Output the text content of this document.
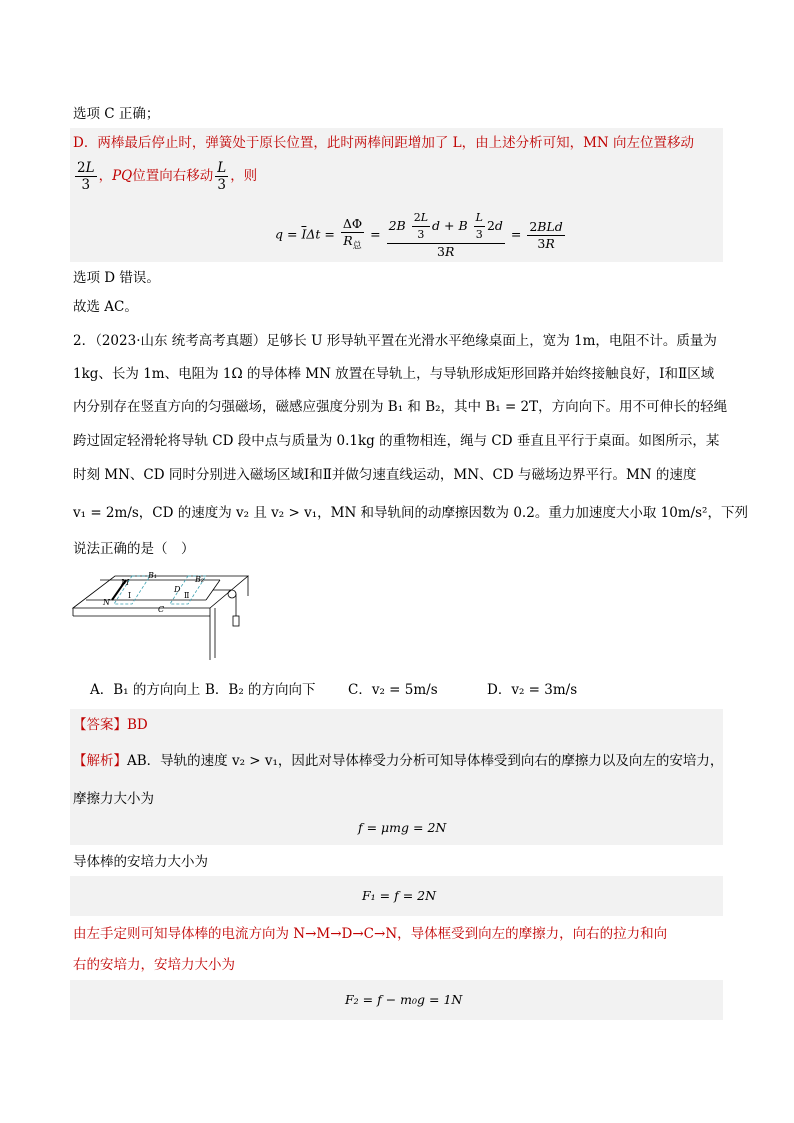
选项 C 正确；
D．两棒最后停止时，弹簧处于原长位置，此时两棒间距增加了 L，由上述分析可知，MN 向左位置移动
$\frac{2L}{3}$ ，PQ位置向右移动 $\frac{L}{3}$ ，则
$q = \overline{I}\Delta t = \frac{\Delta\Phi}{R_总} = \frac{2B \frac{2L}{3} d + B \frac{L}{3} 2d}{3R} = \frac{\text{2BLd}}{3R}$
选项 D 错误。
故选 AC。
2．（2023·山东 统考高考真题）足够长 U 形导轨平置在光滑水平绝缘桌面上，宽为 1m，电阻不计。质量为
1kg、长为 1m、电阻为 1Ω 的导体棒 MN 放置在导轨上，与导轨形成矩形回路并始终接触良好，Ⅰ和Ⅱ区域
内分别存在竖直方向的匀强磁场，磁感应强度分别为 B₁ 和 B₂，其中 B₁ = 2T，方向向下。用不可伸长的轻绳
跨过固定轻滑轮将导轨 CD 段中点与质量为 0.1kg 的重物相连，绳与 CD 垂直且平行于桌面。如图所示，某
时刻 MN、CD 同时分别进入磁场区域Ⅰ和Ⅱ并做匀速直线运动，MN、CD 与磁场边界平行。MN 的速度
v₁ = 2m/s，CD 的速度为 v₂ 且 v₂ > v₁，MN 和导轨间的动摩擦因数为 0.2。重力加速度大小取 10m/s²，下列
说法正确的是（　）
M
N
B₁	B₂
D
C
Ⅰ	Ⅱ
A．B₁ 的方向向上 B．B₂ 的方向向下 C．v₂ = 5m/s	D．v₂ = 3m/s
【答案】BD
【解析】AB．导轨的速度 v₂ > v₁，因此对导体棒受力分析可知导体棒受到向右的摩擦力以及向左的安培力，
摩擦力大小为
f = μmg = 2N
导体棒的安培力大小为
F₁ = f = 2N
由左手定则可知导体棒的电流方向为 N→M→D→C→N，导体框受到向左的摩擦力，向右的拉力和向
右的安培力，安培力大小为
F₂ = f − m₀g = 1N
